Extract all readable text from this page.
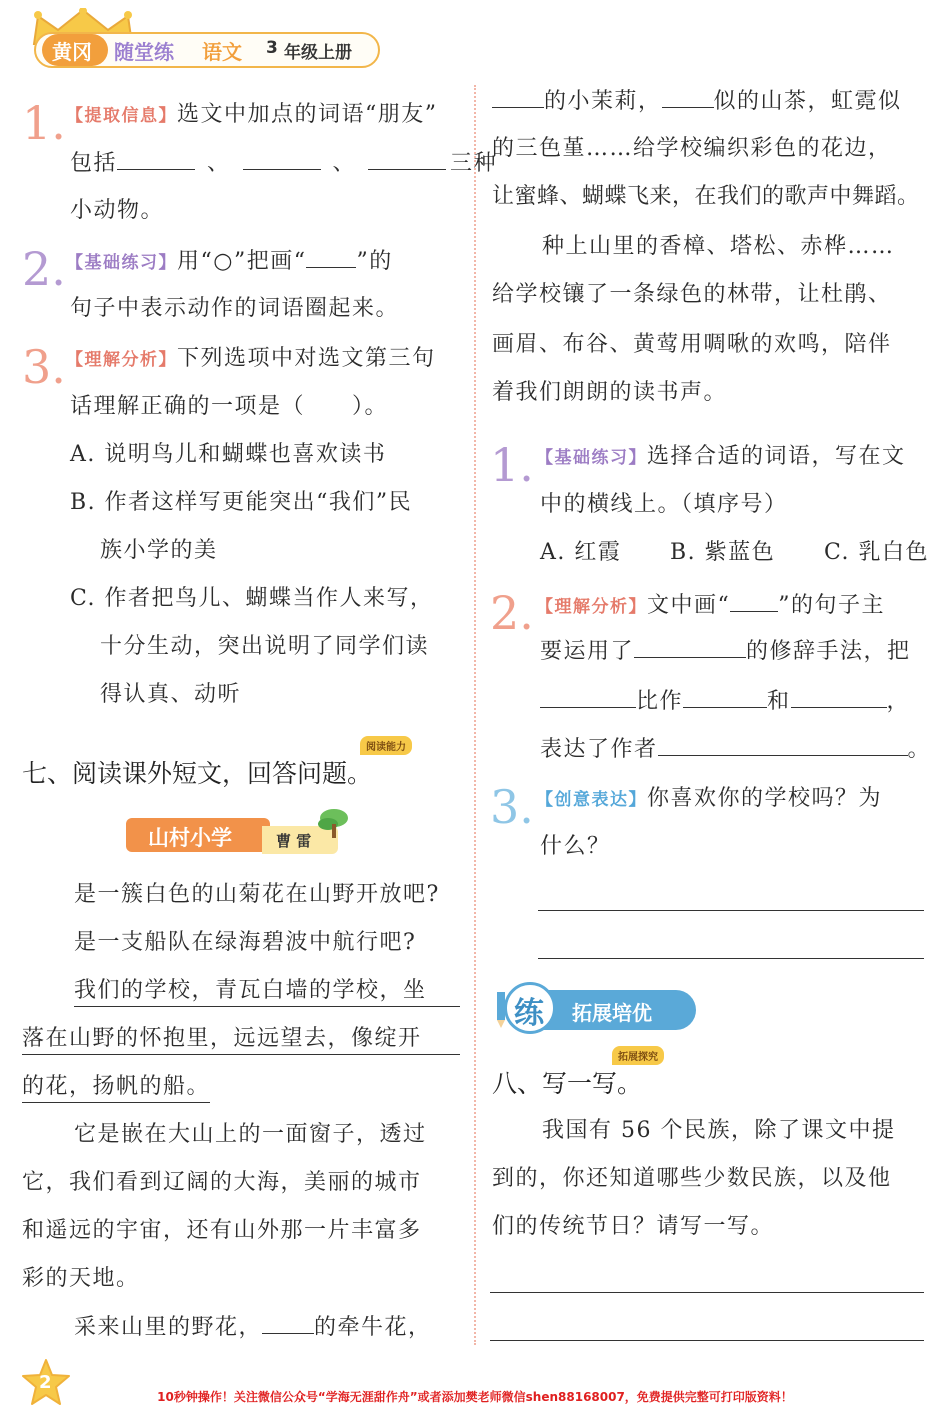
黄冈 随堂练 语文 3 年级上册
1. 【提取信息】选文中加点的词语“朋友”
包括	、	、	三种
小动物。
2. 【基础练习】用“○”把画“ ”的
句子中表示动作的词语圈起来。
3. 【理解分析】下列选项中对选文第三句
话理解正确的一项是（　　）。
A. 说明鸟儿和蝴蝶也喜欢读书
B. 作者这样写更能突出“我们”民
族小学的美
C. 作者把鸟儿、蝴蝶当作人来写，
十分生动，突出说明了同学们读
得认真、动听
阅读能力
七、阅读课外短文，回答问题。
山村小学	曹 雷
是一簇白色的山菊花在山野开放吧?
是一支船队在绿海碧波中航行吧?
我们的学校，青瓦白墙的学校，坐
落在山野的怀抱里，远远望去，像绽开
的花，扬帆的船。
它是嵌在大山上的一面窗子，透过
它，我们看到辽阔的大海，美丽的城市
和遥远的宇宙，还有山外那一片丰富多
彩的天地。
采来山里的野花， 的牵牛花，
的小茉莉， 似的山茶，虹霓似
的三色堇……给学校编织彩色的花边，
让蜜蜂、蝴蝶飞来，在我们的歌声中舞蹈。
种上山里的香樟、塔松、赤桦……
给学校镶了一条绿色的林带，让杜鹃、
画眉、布谷、黄莺用啁啾的欢鸣，陪伴
着我们朗朗的读书声。
1. 【基础练习】选择合适的词语，写在文
中的横线上。（填序号）
A. 红霞 B. 紫蓝色 C. 乳白色
2. 【理解分析】文中画“ ”的句子主
要运用了	的修辞手法，把
比作	和	，
表达了作者	。
3. 【创意表达】你喜欢你的学校吗？为
什么？
练 拓展培优
拓展探究
八、写一写。
我国有 56 个民族，除了课文中提
到的，你还知道哪些少数民族，以及他
们的传统节日？请写一写。
2
10秒钟操作！关注微信公众号“学海无涯甜作舟”或者添加樊老师微信shen88168007，免费提供完整可打印版资料！
